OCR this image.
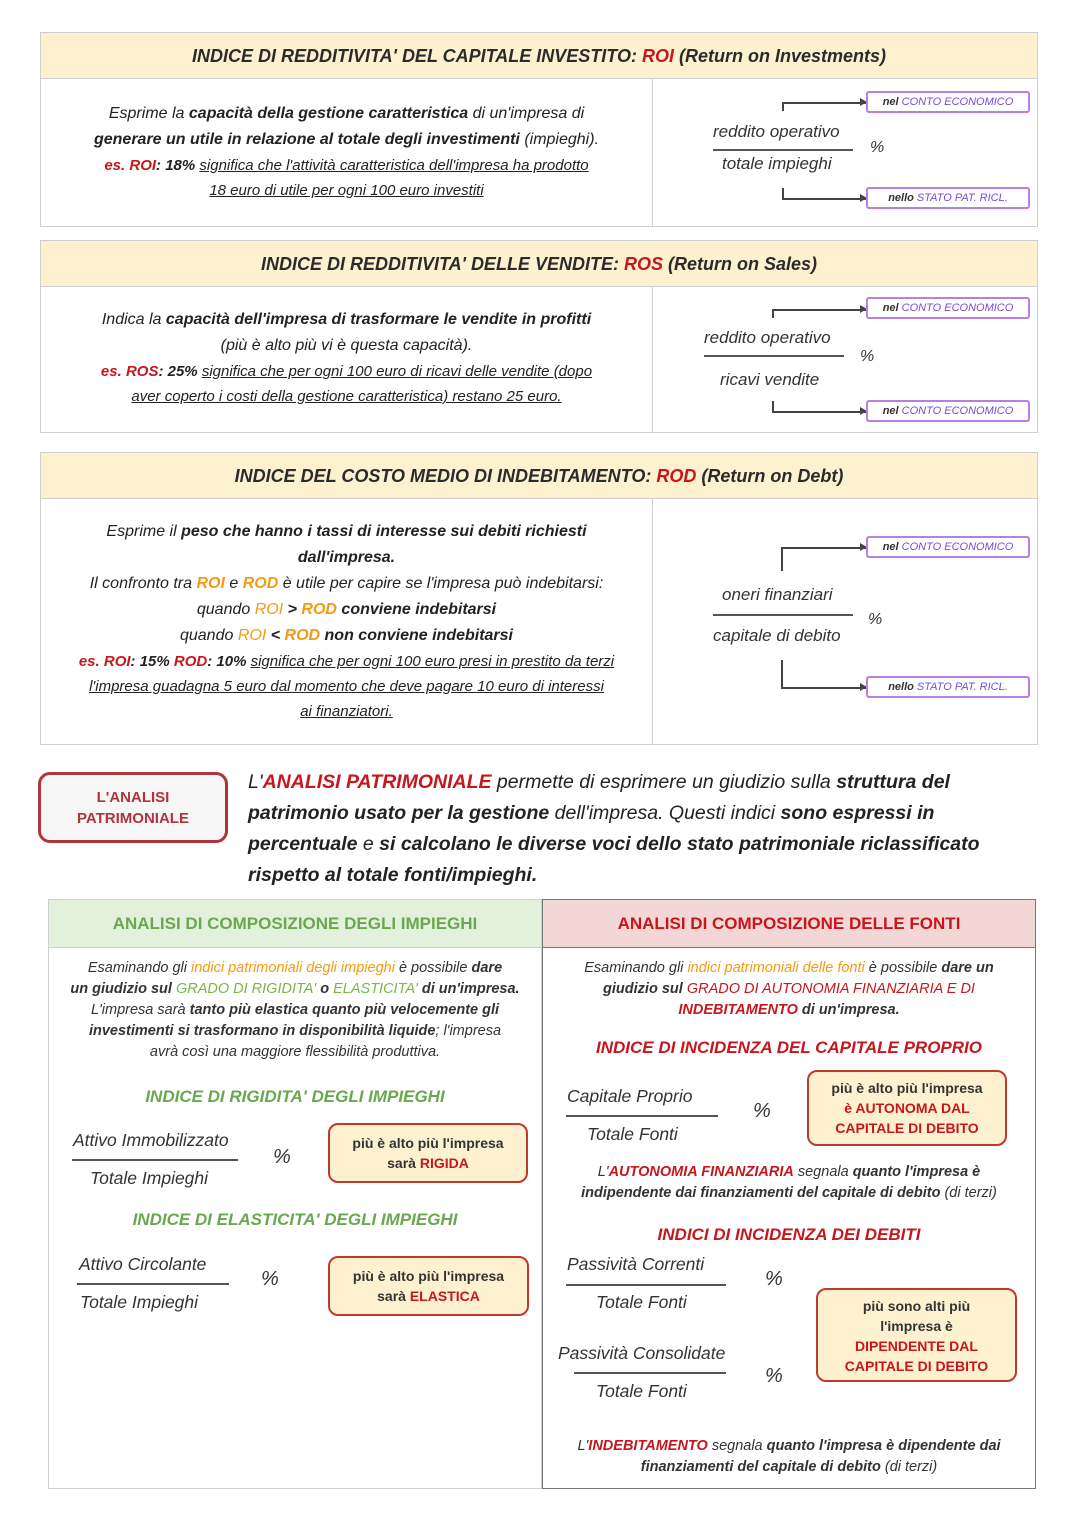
INDICE DI REDDITIVITA' DEL CAPITALE INVESTITO: ROI (Return on Investments)
Esprime la capacità della gestione caratteristica di un'impresa di
generare un utile in relazione al totale degli investimenti (impieghi).
es. ROI: 18% significa che l'attività caratteristica dell'impresa ha prodotto
18 euro di utile per ogni 100 euro investiti
reddito operativo
totale impieghi
%
nel CONTO ECONOMICO
nello STATO PAT. RICL.
INDICE DI REDDITIVITA' DELLE VENDITE: ROS (Return on Sales)
Indica la capacità dell'impresa di trasformare le vendite in profitti
(più è alto più vi è questa capacità).
es. ROS: 25% significa che per ogni 100 euro di ricavi delle vendite (dopo
aver coperto i costi della gestione caratteristica) restano 25 euro.
reddito operativo
ricavi vendite
%
nel CONTO ECONOMICO
nel CONTO ECONOMICO
INDICE DEL COSTO MEDIO DI INDEBITAMENTO: ROD (Return on Debt)
Esprime il peso che hanno i tassi di interesse sui debiti richiesti
dall'impresa.
Il confronto tra ROI e ROD è utile per capire se l'impresa può indebitarsi:
quando ROI > ROD conviene indebitarsi
quando ROI < ROD non conviene indebitarsi
es. ROI: 15% ROD: 10% significa che per ogni 100 euro presi in prestito da terzi
l'impresa guadagna 5 euro dal momento che deve pagare 10 euro di interessi
ai finanziatori.
oneri finanziari
capitale di debito
%
nel CONTO ECONOMICO
nello STATO PAT. RICL.
L'ANALISI PATRIMONIALE
L'ANALISI PATRIMONIALE permette di esprimere un giudizio sulla struttura del
patrimonio usato per la gestione dell'impresa. Questi indici sono espressi in
percentuale e si calcolano le diverse voci dello stato patrimoniale riclassificato
rispetto al totale fonti/impieghi.
ANALISI DI COMPOSIZIONE DEGLI IMPIEGHI
Esaminando gli indici patrimoniali degli impieghi è possibile dare
un giudizio sul GRADO DI RIGIDITA' o ELASTICITA' di un'impresa.
L'impresa sarà tanto più elastica quanto più velocemente gli
investimenti si trasformano in disponibilità liquide; l'impresa
avrà così una maggiore flessibilità produttiva.
INDICE DI RIGIDITA' DEGLI IMPIEGHI
Attivo Immobilizzato
Totale Impieghi
%
più è alto più l'impresa
sarà RIGIDA
INDICE DI ELASTICITA' DEGLI IMPIEGHI
Attivo Circolante
Totale Impieghi
%	più è alto più l'impresa
sarà ELASTICA
ANALISI DI COMPOSIZIONE DELLE FONTI
Esaminando gli indici patrimoniali delle fonti è possibile dare un
giudizio sul GRADO DI AUTONOMIA FINANZIARIA E DI
INDEBITAMENTO di un'impresa.
INDICE DI INCIDENZA DEL CAPITALE PROPRIO
Capitale Proprio
Totale Fonti
%
più è alto più l'impresa
è AUTONOMA DAL
CAPITALE DI DEBITO
L'AUTONOMIA FINANZIARIA segnala quanto l'impresa è
indipendente dai finanziamenti del capitale di debito (di terzi)
INDICI DI INCIDENZA DEI DEBITI
Passività Correnti
Totale Fonti
%
Passività Consolidate
Totale Fonti
%
più sono alti più
l'impresa è
DIPENDENTE DAL
CAPITALE DI DEBITO
L'INDEBITAMENTO segnala quanto l'impresa è dipendente dai
finanziamenti del capitale di debito (di terzi)
